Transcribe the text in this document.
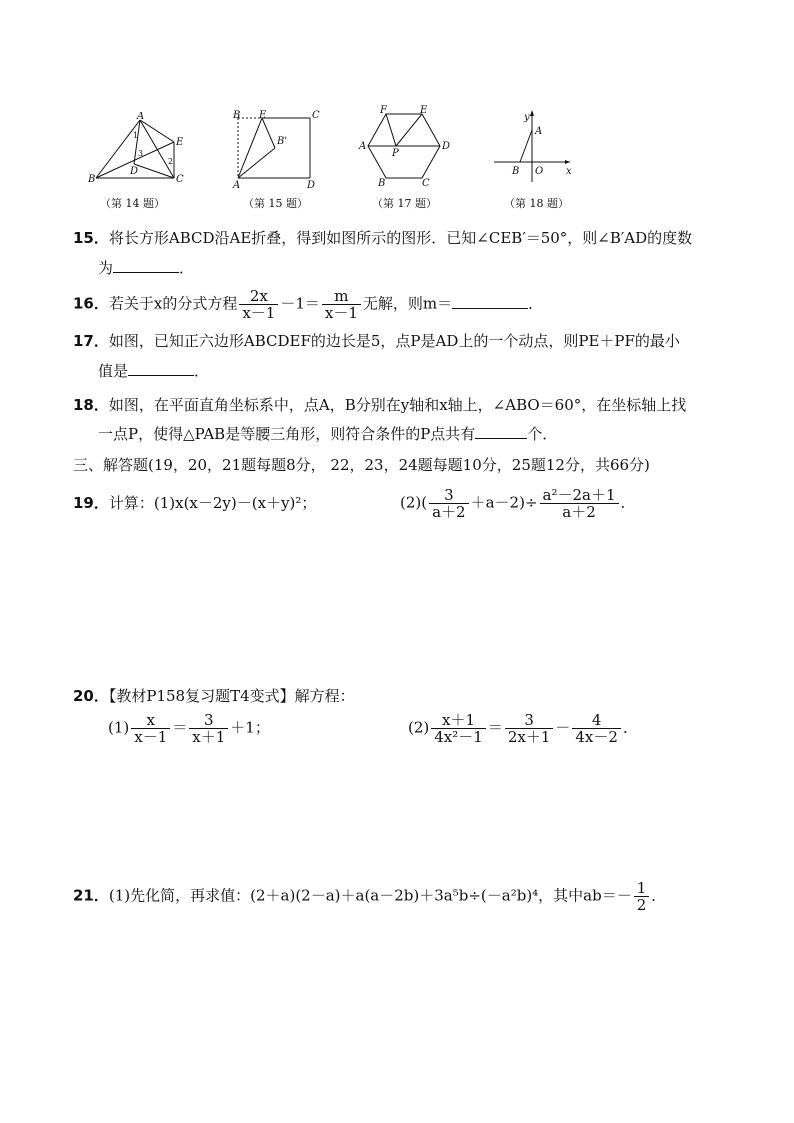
A
B	C
D
E
1
2
3
（第 14 题）
B E	C
B'
A	D
（第 15 题）
F	E
A
P
D
B	C
（第 17 题）
y
A
B O x
（第 18 题）
15．将长方形ABCD沿AE折叠，得到如图所示的图形．已知∠CEB′＝50°，则∠B′AD的度数
为	．
16．若关于x的分式方程 $\frac{2x}{x-1} -1= \frac{m}{x-1}$ 无解，则m＝	．
17．如图，已知正六边形ABCDEF的边长是5，点P是AD上的一个动点，则PE＋PF的最小
值是	．
18．如图，在平面直角坐标系中，点A，B分别在y轴和x轴上，∠ABO＝60°，在坐标轴上找
一点P，使得△PAB是等腰三角形，则符合条件的P点共有	个．
三、解答题(19，20，21题每题8分， 22，23，24题每题10分，25题12分，共66分)
19．计算：(1)x(x－2y)－(x＋y)²；	$(2)( \frac{3}{a+2} +a-2)\div \frac{\text{a²－2a＋1}}{a+2}$ ．
20．【教材P158复习题T4变式】解方程：
$(1) \frac{x}{x-1} = \frac{3}{x+1} +1$；	$(2) \frac{x+1}{\text{4x²－1}} = \frac{3}{2x+1} - \frac{4}{4x-2}$ ．
21．(1)先化简，再求值：(2＋a)(2－a)＋a(a－2b)＋3a⁵b÷(－a²b)⁴，其中$ab=- \frac{1}{2}$ ．
